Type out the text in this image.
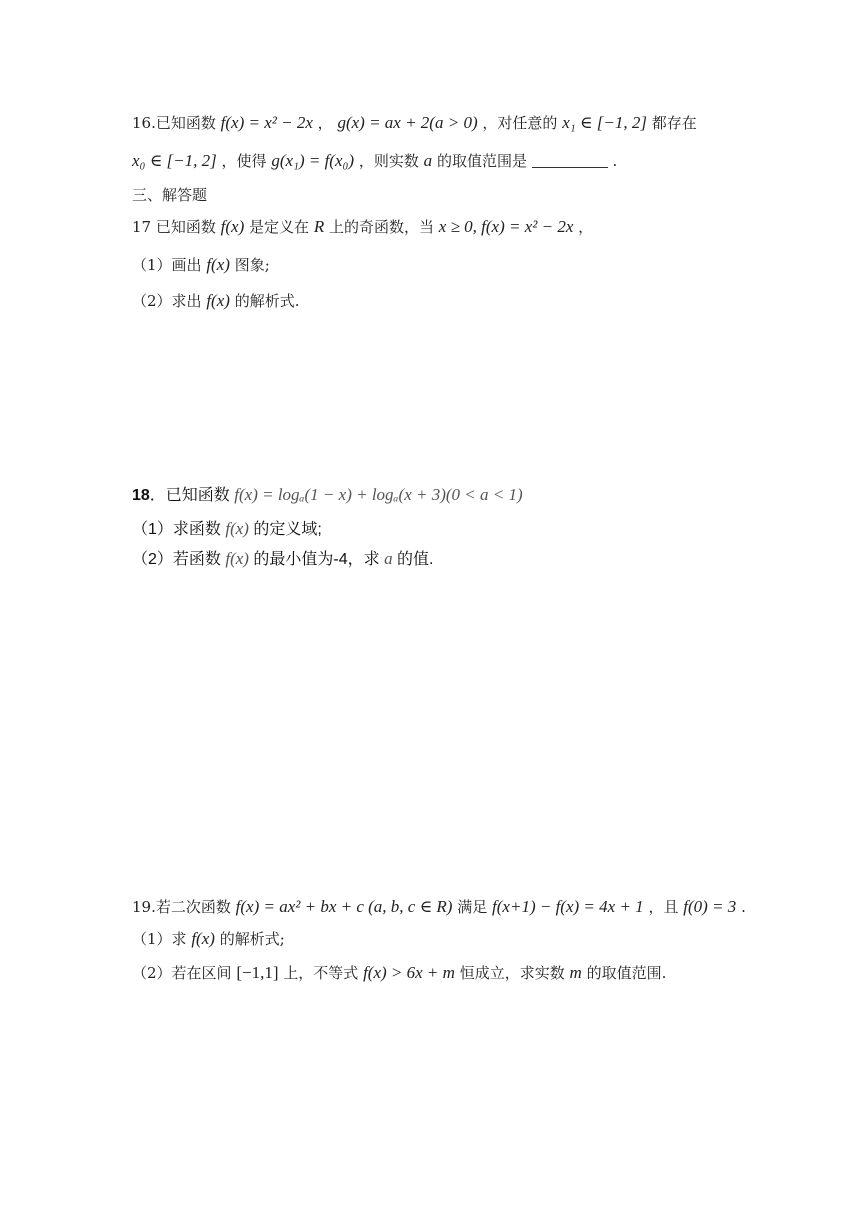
16.已知函数 f(x) = x² − 2x ， g(x) = ax + 2(a > 0) ，对任意的 x₁ ∈ [−1, 2] 都存在
x₀ ∈ [−1, 2] ，使得 g(x₁) = f(x₀) ，则实数 a 的取值范围是	.
三、解答题
17 已知函数 f(x) 是定义在 R 上的奇函数，当 x ≥ 0, f(x) = x² − 2x ，
（1）画出 f(x) 图象;
（2）求出 f(x) 的解析式.
18．已知函数 f(x) = logₐ(1 − x) + logₐ(x + 3)(0 < a < 1)
（1）求函数 f(x) 的定义域;
（2）若函数 f(x) 的最小值为-4，求 a 的值.
19.若二次函数 f(x) = ax² + bx + c (a, b, c ∈ R) 满足 f(x+1) − f(x) = 4x + 1 ，且 f(0) = 3 .
（1）求 f(x) 的解析式;
（2）若在区间 [−1,1] 上，不等式 f(x) > 6x + m 恒成立，求实数 m 的取值范围.
